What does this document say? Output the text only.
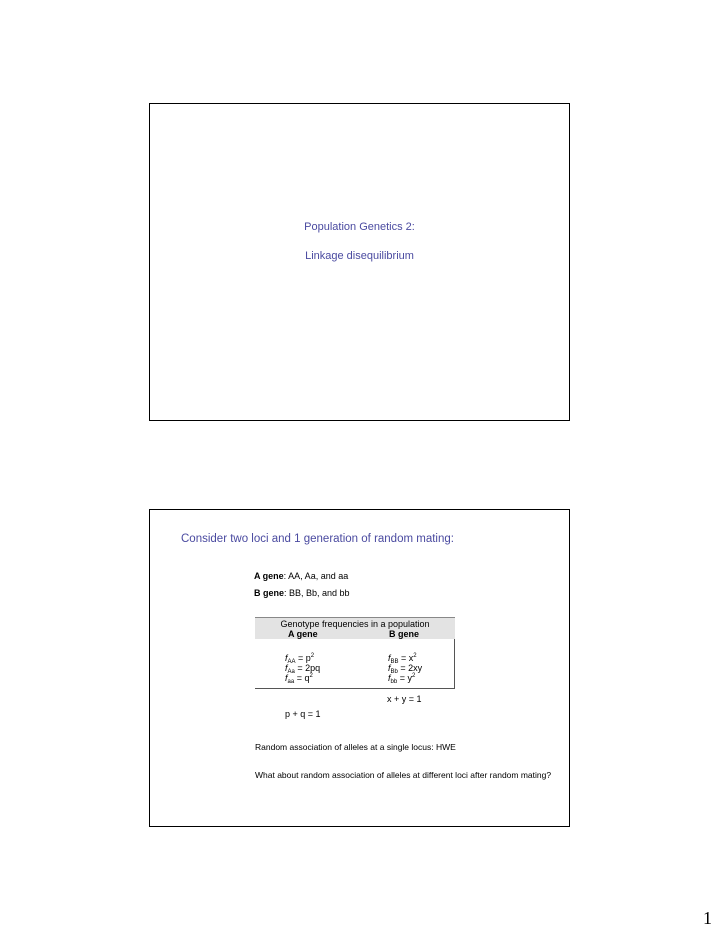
Population Genetics 2:
Linkage disequilibrium
Consider two loci and 1 generation of random mating:
A gene: AA, Aa, and aa
B gene: BB, Bb, and bb
Genotype frequencies in a population
A gene	B gene
$f_{AA} = p^2$
$f_{Aa} = 2pq$
$f_{aa} = q^2$
$f_{BB} = x^2$
$f_{Bb} = 2xy$
$f_{bb} = y^2$
p + q = 1
x + y = 1
Random association of alleles at a single locus: HWE
What about random association of alleles at different loci after random mating?
1
